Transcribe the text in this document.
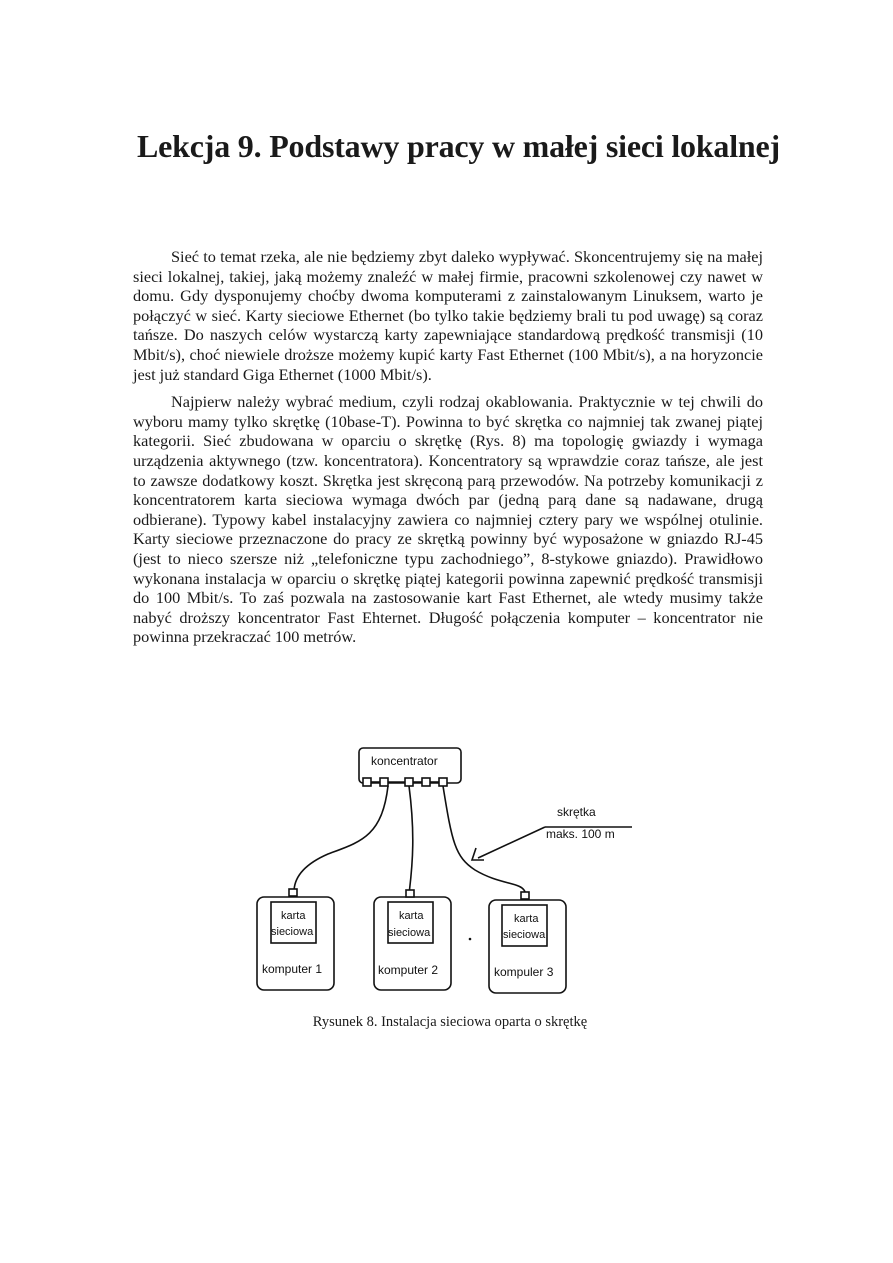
Lekcja 9. Podstawy pracy w małej sieci lokalnej

Sieć to temat rzeka, ale nie będziemy zbyt daleko wypływać. Skoncentrujemy się na małej sieci lokalnej, takiej, jaką możemy znaleźć w małej firmie, pracowni szkolenowej czy nawet w domu. Gdy dysponujemy choćby dwoma komputerami z zainstalowanym Linuksem, warto je połączyć w sieć. Karty sieciowe Ethernet (bo tylko takie będziemy brali tu pod uwagę) są coraz tańsze. Do naszych celów wystarczą karty zapewniające standardową prędkość transmisji (10 Mbit/s), choć niewiele droższe możemy kupić karty Fast Ethernet (100 Mbit/s), a na horyzoncie jest już standard Giga Ethernet (1000 Mbit/s).

Najpierw należy wybrać medium, czyli rodzaj okablowania. Praktycznie w tej chwili do wyboru mamy tylko skrętkę (10base-T). Powinna to być skrętka co najmniej tak zwanej piątej kategorii. Sieć zbudowana w oparciu o skrętkę (Rys. 8) ma topologię gwiazdy i wymaga urządzenia aktywnego (tzw. koncentratora). Koncentratory są wprawdzie coraz tańsze, ale jest to zawsze dodatkowy koszt. Skrętka jest skręconą parą przewodów. Na potrzeby komunikacji z koncentratorem karta sieciowa wymaga dwóch par (jedną parą dane są nadawane, drugą odbierane). Typowy kabel instalacyjny zawiera co najmniej cztery pary we wspólnej otulinie. Karty sieciowe przeznaczone do pracy ze skrętką powinny być wyposażone w gniazdo RJ-45 (jest to nieco szersze niż „telefoniczne typu zachodniego”, 8-stykowe gniazdo). Prawidłowo wykonana instalacja w oparciu o skrętkę piątej kategorii powinna zapewnić prędkość transmisji do 100 Mbit/s. To zaś pozwala na zastosowanie kart Fast Ethernet, ale wtedy musimy także nabyć droższy koncentrator Fast Ehternet. Długość połączenia komputer – koncentrator nie powinna przekraczać 100 metrów.

koncentrator
skrętka
maks. 100 m
karta
sieciowa
karta
sieciowa
karta
sieciowa
komputer 1	komputer 2	kompuler 3
Rysunek 8. Instalacja sieciowa oparta o skrętkę
